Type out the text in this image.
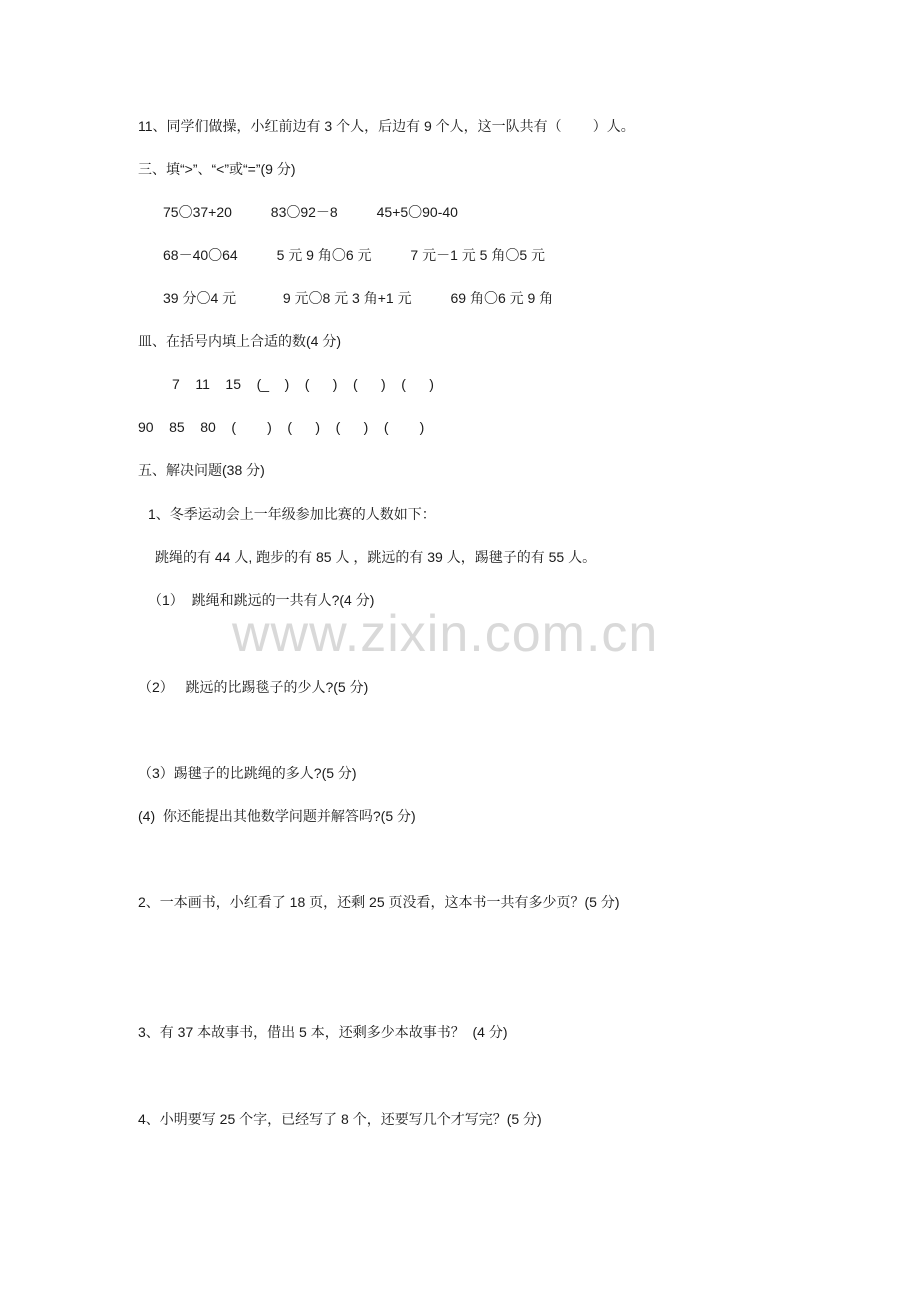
www.zixin.com.cn
11、同学们做操，小红前边有 3 个人，后边有 9 个人，这一队共有（        ）人。
三、填“>”、“<”或“=”(9 分)
75〇37+20          83〇92－8          45+5〇90-40
68－40〇64          5 元 9 角〇6 元          7 元－1 元 5 角〇5 元
39 分〇4 元            9 元〇8 元 3 角+1 元          69 角〇6 元 9 角
皿、在括号内填上合适的数(4 分)
7    11    15    (_    )    (      )    (      )    (      )
90    85    80    (        )    (      )    (      )    (        )
五、解决问题(38 分)
1、冬季运动会上一年级参加比赛的人数如下：
跳绳的有 44 人, 跑步的有 85 人 ，跳远的有 39 人，踢毽子的有 55 人。
（1）  跳绳和跳远的一共有人?(4 分)
（2）   跳远的比踢毯子的少人?(5 分)
（3）踢毽子的比跳绳的多人?(5 分)
(4)  你还能提出其他数学问题并解答吗?(5 分)
2、一本画书，小红看了 18 页，还剩 25 页没看，这本书一共有多少页？(5 分)
3、有 37 本故事书，借出 5 本，还剩多少本故事书？  (4 分)
4、小明要写 25 个字，已经写了 8 个，还要写几个才写完？(5 分)
